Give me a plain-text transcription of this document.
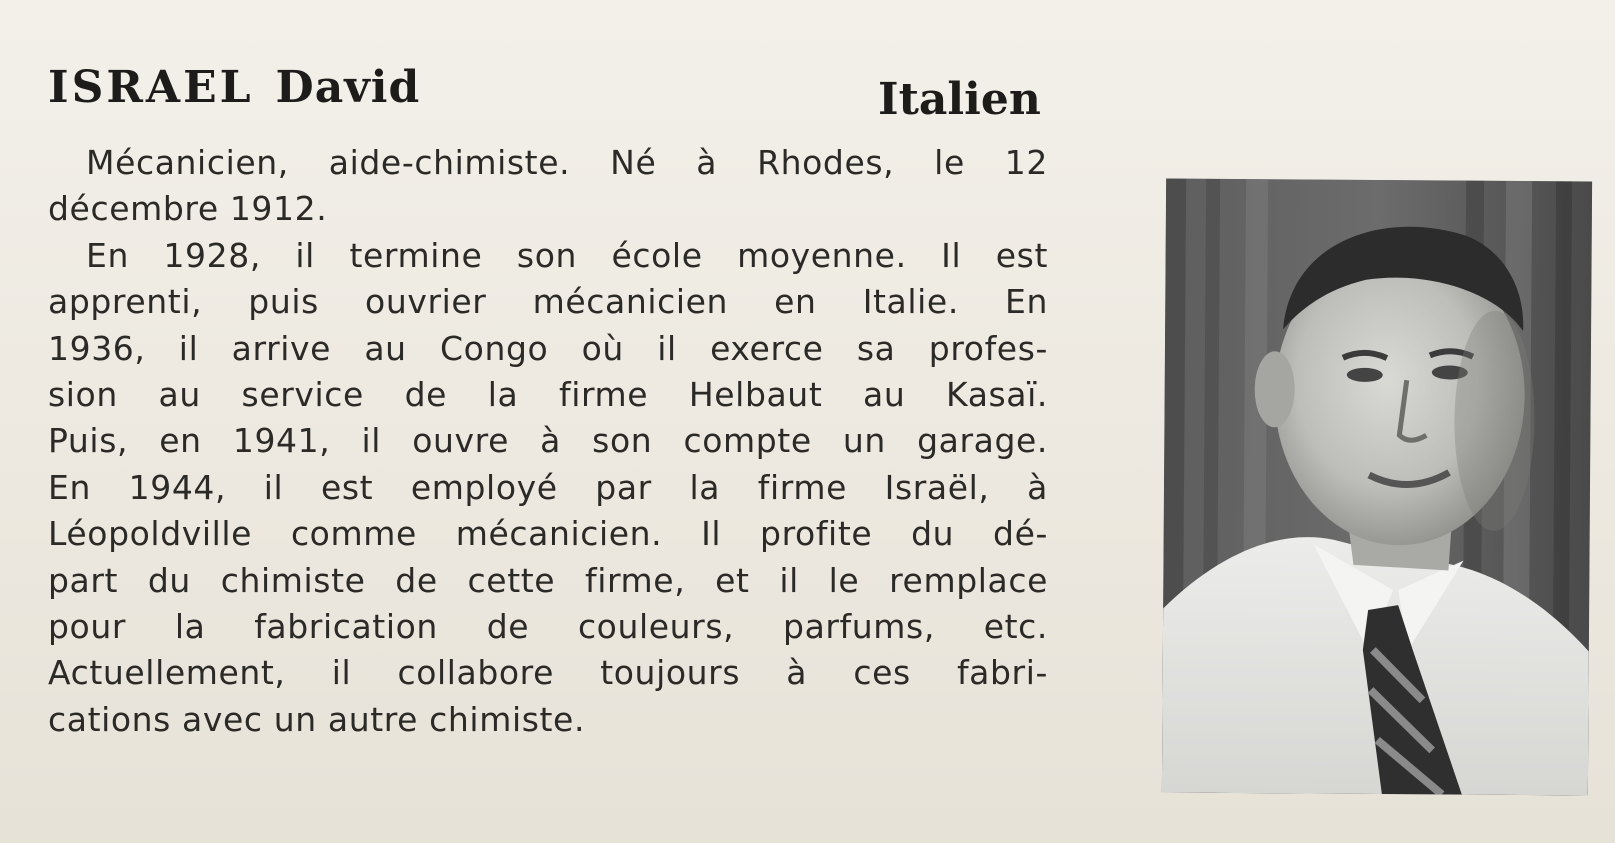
ISRAEL David	Italien
Mécanicien, aide-chimiste. Né à Rhodes, le 12
décembre 1912.
En 1928, il termine son école moyenne. Il est
apprenti, puis ouvrier mécanicien en Italie. En
1936, il arrive au Congo où il exerce sa profes-
sion au service de la firme Helbaut au Kasaï.
Puis, en 1941, il ouvre à son compte un garage.
En 1944, il est employé par la firme Israël, à
Léopoldville comme mécanicien. Il profite du dé-
part du chimiste de cette firme, et il le remplace
pour la fabrication de couleurs, parfums, etc.
Actuellement, il collabore toujours à ces fabri-
cations avec un autre chimiste.
